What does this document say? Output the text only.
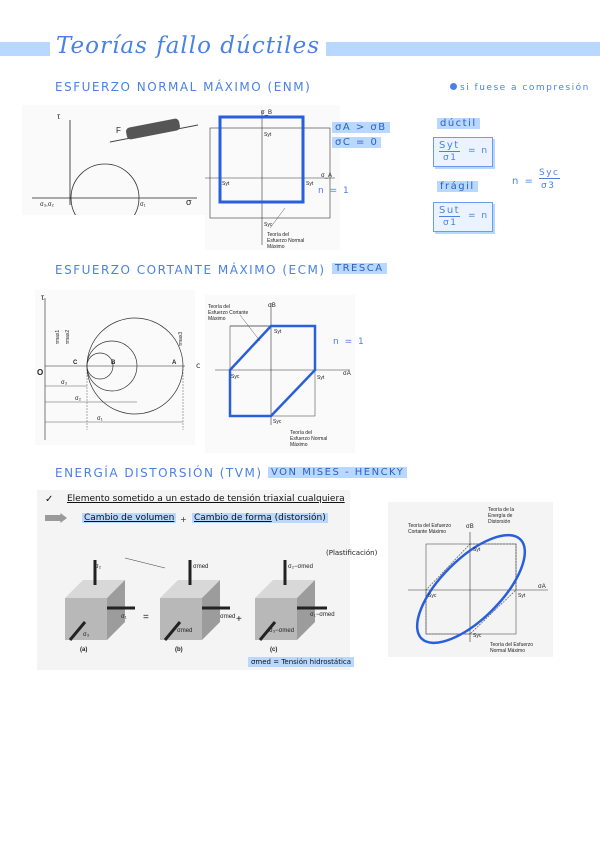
Teorías fallo dúctiles
ESFUERZO NORMAL MÁXIMO (ENM)	si fuese a compresión
τ
σ
σ₃,σ₂	σ₁
F
σ_B
σ_A
Syt
Syt	Syt
Syc
Teoría del
Esfuerzo Normal
Máximo
n = 1
σA > σB
σC = 0
dúctil
Syt
σ1
= n
frágil
Sut
σ1
= n
n =
Syc
σ3
ESFUERZO CORTANTE MÁXIMO (ECM) TRESCA
τ
O
A
B
C
σ₃
σ₂
σ₁
τmax1 τmax2	τmax3
c
Teoría del
Esfuerzo Cortante
Máximo
σB
σA
Syt
Syt
Syc
Syc
Teoría del
Esfuerzo Normal
Máximo
n = 1
ENERGÍA DISTORSIÓN (TVM) VON MISES - HENCKY
✓ Elemento sometido a un estado de tensión triaxial cualquiera
Cambio de volumen + Cambio de forma (distorsión)
(Plastificación)
σ₂
σ₁
σ₃
=
σmed
σmed
σmed
+
σ₂−σmed
σ₁−σmed
σ₃−σmed
(a)	(b)	(c)
σmed = Tensión hidrostática
Teoría de la
Energía de
Distorsión
Teoría del Esfuerzo
Cortante Máximo
σB
σA
Syt
Syt
Syc
Syc
Teoría del Esfuerzo
Normal Máximo
